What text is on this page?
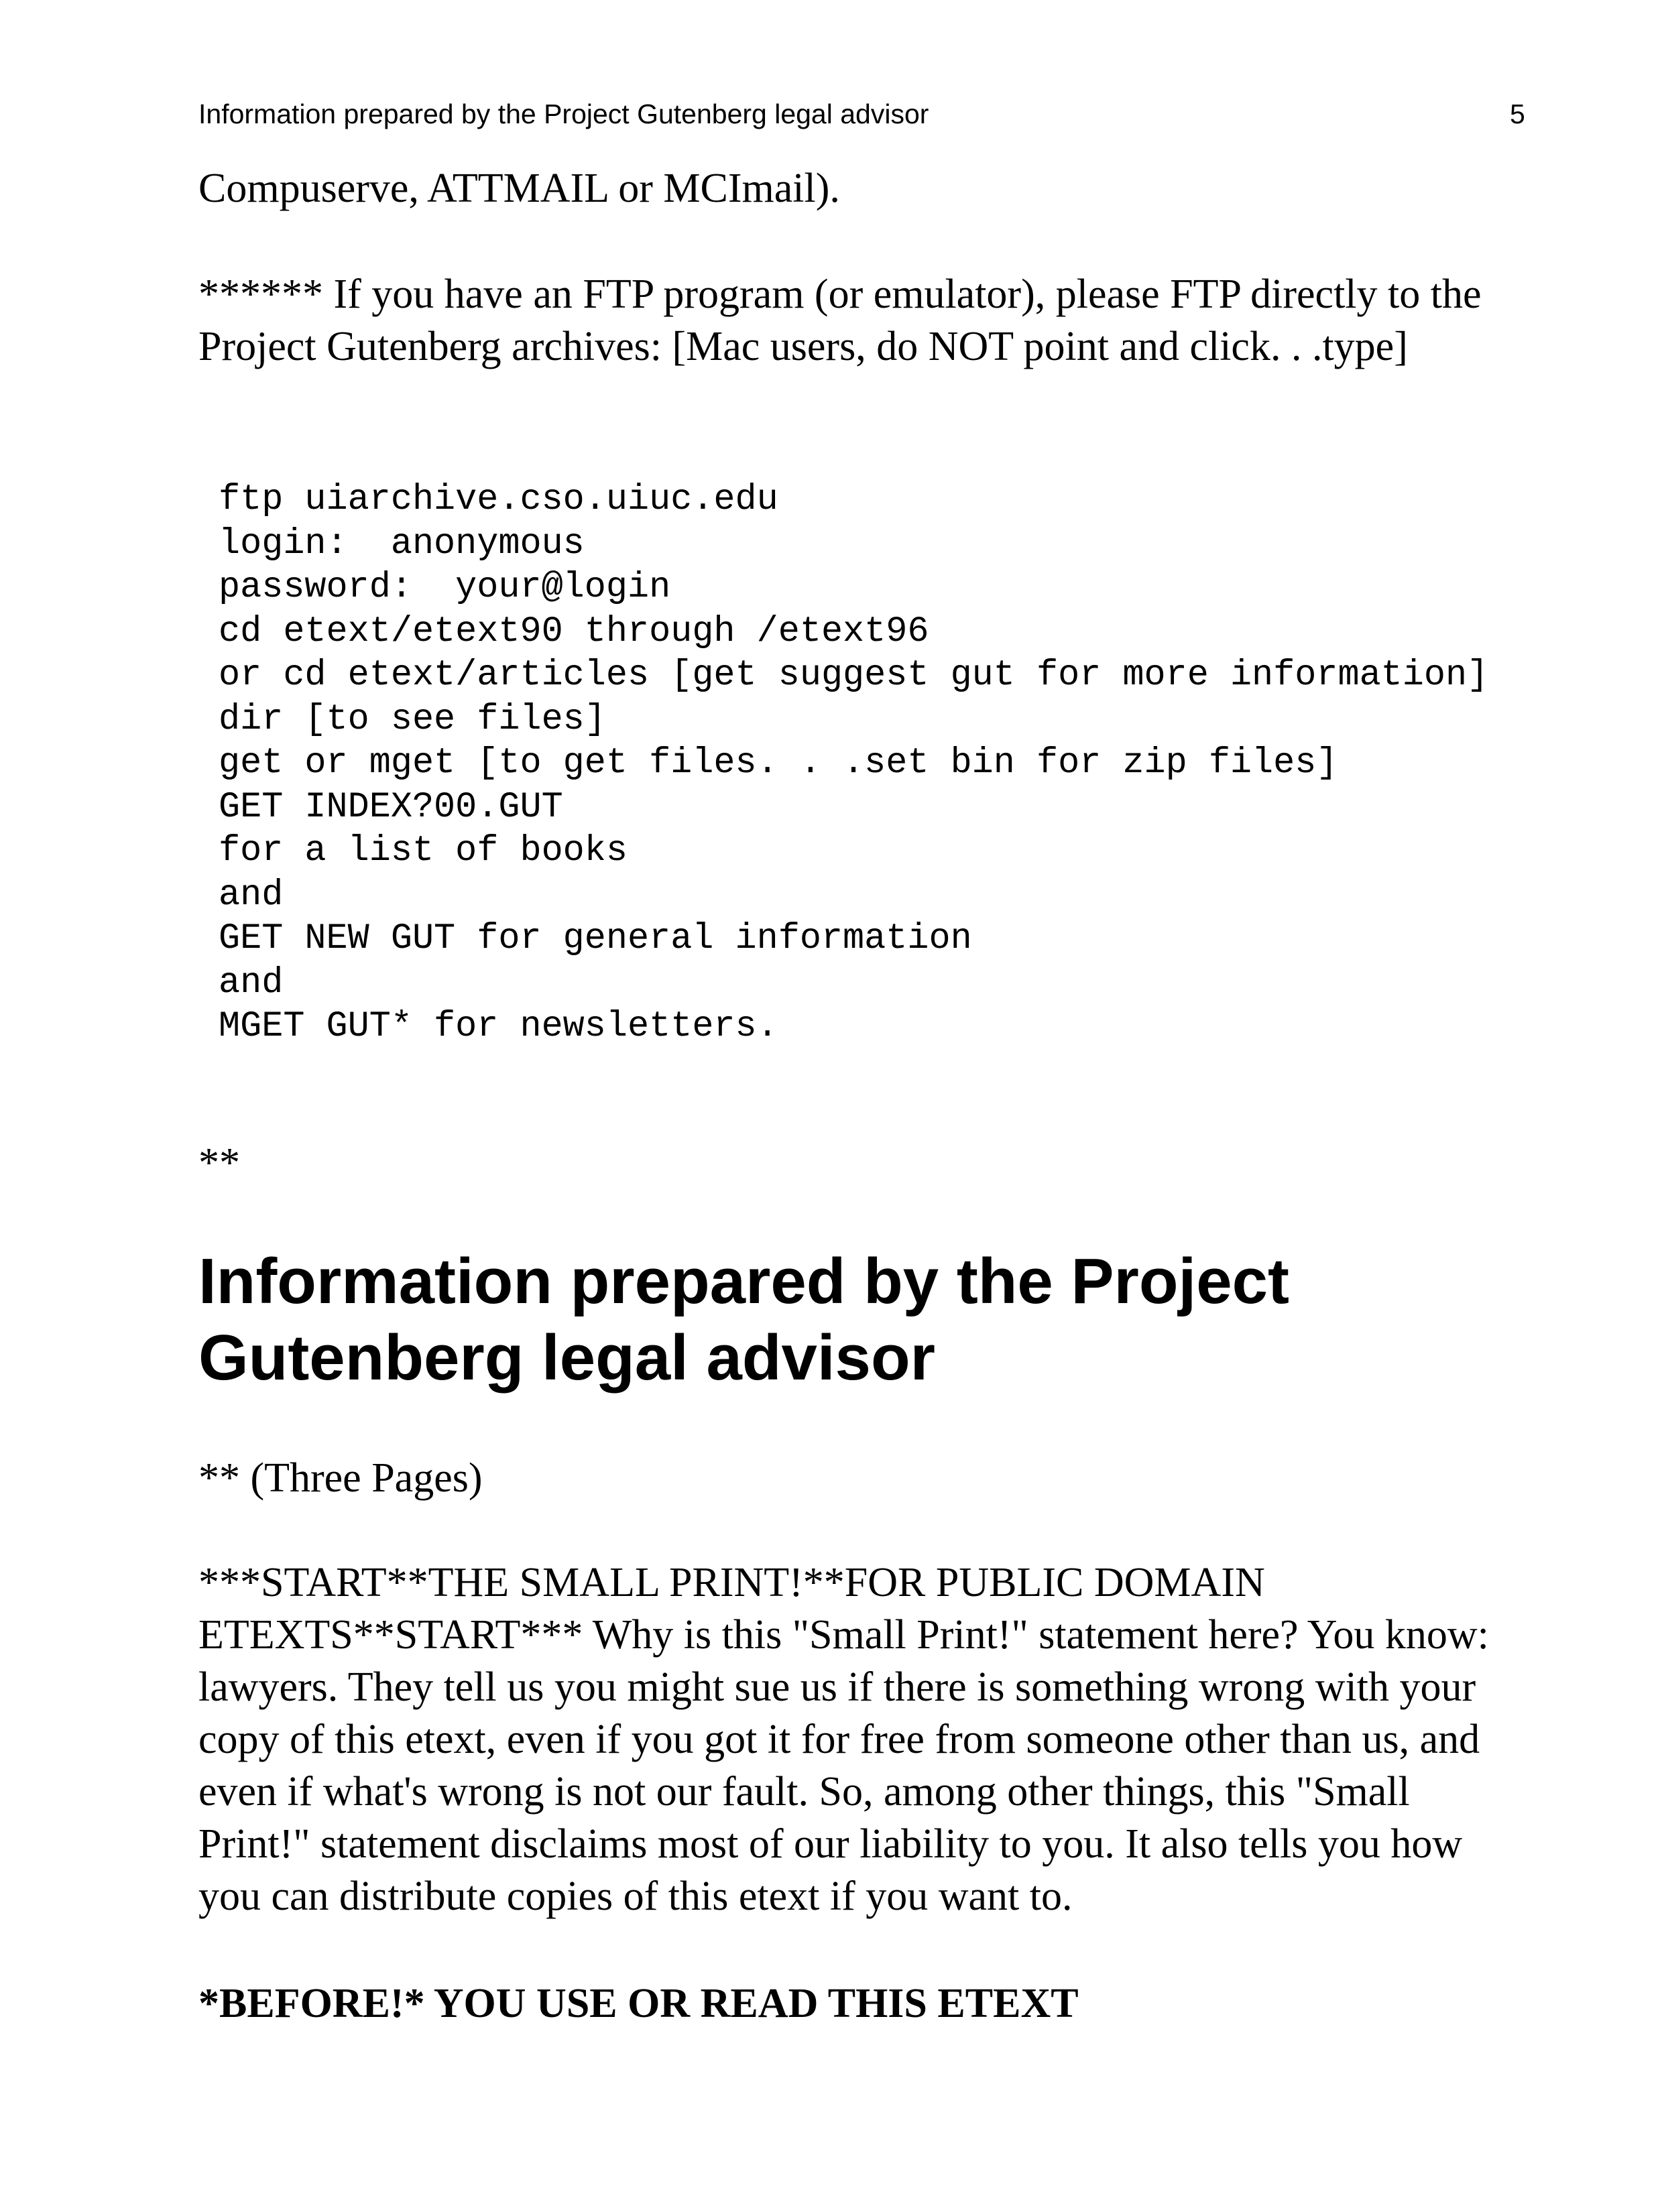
Information prepared by the Project Gutenberg legal advisor	5

Compuserve, ATTMAIL or MCImail).

****** If you have an FTP program (or emulator), please FTP directly to the Project Gutenberg archives: [Mac users, do NOT point and click. . .type]

ftp uiarchive.cso.uiuc.edu
login:  anonymous
password:  your@login
cd etext/etext90 through /etext96
or cd etext/articles [get suggest gut for more information]
dir [to see files]
get or mget [to get files. . .set bin for zip files]
GET INDEX?00.GUT
for a list of books
and
GET NEW GUT for general information
and
MGET GUT* for newsletters.

**

Information prepared by the Project Gutenberg legal advisor

** (Three Pages)

***START**THE SMALL PRINT!**FOR PUBLIC DOMAIN ETEXTS**START*** Why is this "Small Print!" statement here? You know: lawyers. They tell us you might sue us if there is something wrong with your copy of this etext, even if you got it for free from someone other than us, and even if what's wrong is not our fault. So, among other things, this "Small Print!" statement disclaims most of our liability to you. It also tells you how you can distribute copies of this etext if you want to.

*BEFORE!* YOU USE OR READ THIS ETEXT
